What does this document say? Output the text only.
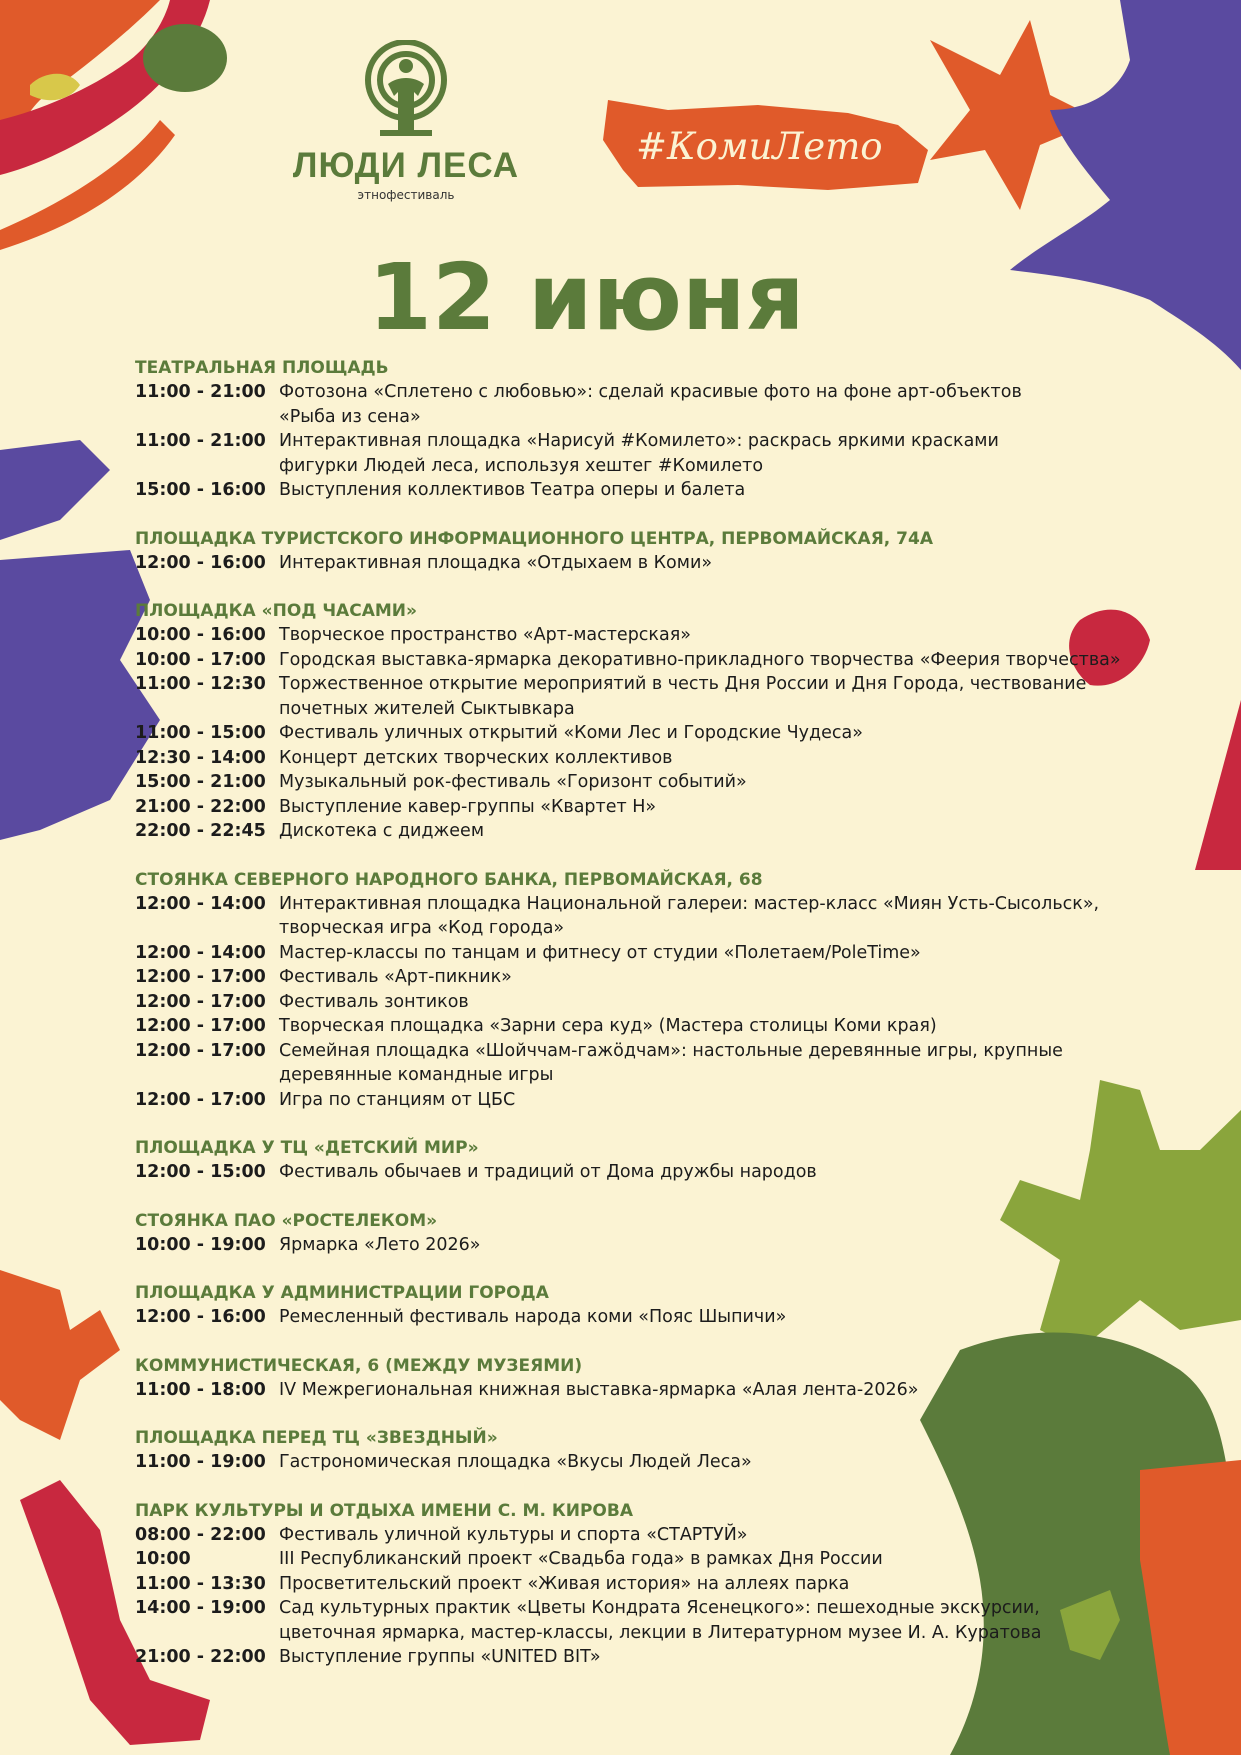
ЛЮДИ ЛЕСА
этнофестиваль
#КомиЛето
12 июня
ТЕАТРАЛЬНАЯ ПЛОЩАДЬ
11:00 - 21:00 Фотозона «Сплетено с любовью»: сделай красивые фото на фоне арт-объектов
«Рыба из сена»
11:00 - 21:00 Интерактивная площадка «Нарисуй #Комилето»: раскрась яркими красками
фигурки Людей леса, используя хештег #Комилето
15:00 - 16:00 Выступления коллективов Театра оперы и балета
ПЛОЩАДКА ТУРИСТСКОГО ИНФОРМАЦИОННОГО ЦЕНТРА, ПЕРВОМАЙСКАЯ, 74А
12:00 - 16:00 Интерактивная площадка «Отдыхаем в Коми»
ПЛОЩАДКА «ПОД ЧАСАМИ»
10:00 - 16:00 Творческое пространство «Арт-мастерская»
10:00 - 17:00 Городская выставка-ярмарка декоративно-прикладного творчества «Феерия творчества»
11:00 - 12:30 Торжественное открытие мероприятий в честь Дня России и Дня Города, чествование
почетных жителей Сыктывкара
11:00 - 15:00 Фестиваль уличных открытий «Коми Лес и Городские Чудеса»
12:30 - 14:00 Концерт детских творческих коллективов
15:00 - 21:00 Музыкальный рок-фестиваль «Горизонт событий»
21:00 - 22:00 Выступление кавер-группы «Квартет Н»
22:00 - 22:45 Дискотека с диджеем
СТОЯНКА СЕВЕРНОГО НАРОДНОГО БАНКА, ПЕРВОМАЙСКАЯ, 68
12:00 - 14:00 Интерактивная площадка Национальной галереи: мастер-класс «Миян Усть-Сысольск»,
творческая игра «Код города»
12:00 - 14:00 Мастер-классы по танцам и фитнесу от студии «Полетаем/PoleTime»
12:00 - 17:00 Фестиваль «Арт-пикник»
12:00 - 17:00 Фестиваль зонтиков
12:00 - 17:00 Творческая площадка «Зарни сера куд» (Мастера столицы Коми края)
12:00 - 17:00 Семейная площадка «Шойччам-гажӧдчам»: настольные деревянные игры, крупные
деревянные командные игры
12:00 - 17:00 Игра по станциям от ЦБС
ПЛОЩАДКА У ТЦ «ДЕТСКИЙ МИР»
12:00 - 15:00 Фестиваль обычаев и традиций от Дома дружбы народов
СТОЯНКА ПАО «РОСТЕЛЕКОМ»
10:00 - 19:00 Ярмарка «Лето 2026»
ПЛОЩАДКА У АДМИНИСТРАЦИИ ГОРОДА
12:00 - 16:00 Ремесленный фестиваль народа коми «Пояс Шыпичи»
КОММУНИСТИЧЕСКАЯ, 6 (МЕЖДУ МУЗЕЯМИ)
11:00 - 18:00 IV Межрегиональная книжная выставка-ярмарка «Алая лента-2026»
ПЛОЩАДКА ПЕРЕД ТЦ «ЗВЕЗДНЫЙ»
11:00 - 19:00 Гастрономическая площадка «Вкусы Людей Леса»
ПАРК КУЛЬТУРЫ И ОТДЫХА ИМЕНИ С. М. КИРОВА
08:00 - 22:00 Фестиваль уличной культуры и спорта «СТАРТУЙ»
10:00	III Республиканский проект «Свадьба года» в рамках Дня России
11:00 - 13:30 Просветительский проект «Живая история» на аллеях парка
14:00 - 19:00 Сад культурных практик «Цветы Кондрата Ясенецкого»: пешеходные экскурсии,
цветочная ярмарка, мастер-классы, лекции в Литературном музее И. А. Куратова
21:00 - 22:00 Выступление группы «UNITED BIT»
